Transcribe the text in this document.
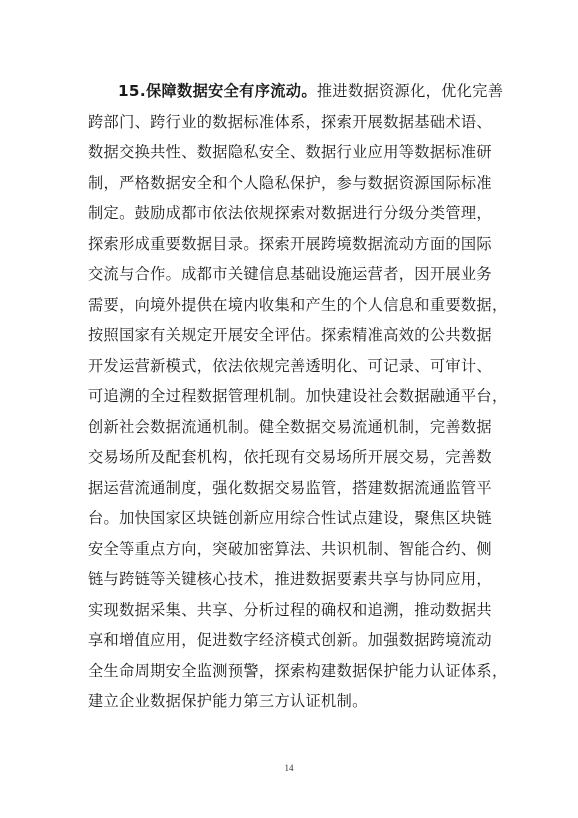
15.保障数据安全有序流动。推进数据资源化，优化完善
跨部门、跨行业的数据标准体系，探索开展数据基础术语、
数据交换共性、数据隐私安全、数据行业应用等数据标准研
制，严格数据安全和个人隐私保护，参与数据资源国际标准
制定。鼓励成都市依法依规探索对数据进行分级分类管理，
探索形成重要数据目录。探索开展跨境数据流动方面的国际
交流与合作。成都市关键信息基础设施运营者，因开展业务
需要，向境外提供在境内收集和产生的个人信息和重要数据，
按照国家有关规定开展安全评估。探索精准高效的公共数据
开发运营新模式，依法依规完善透明化、可记录、可审计、
可追溯的全过程数据管理机制。加快建设社会数据融通平台，
创新社会数据流通机制。健全数据交易流通机制，完善数据
交易场所及配套机构，依托现有交易场所开展交易，完善数
据运营流通制度，强化数据交易监管，搭建数据流通监管平
台。加快国家区块链创新应用综合性试点建设，聚焦区块链
安全等重点方向，突破加密算法、共识机制、智能合约、侧
链与跨链等关键核心技术，推进数据要素共享与协同应用，
实现数据采集、共享、分析过程的确权和追溯，推动数据共
享和增值应用，促进数字经济模式创新。加强数据跨境流动
全生命周期安全监测预警，探索构建数据保护能力认证体系，
建立企业数据保护能力第三方认证机制。
14
